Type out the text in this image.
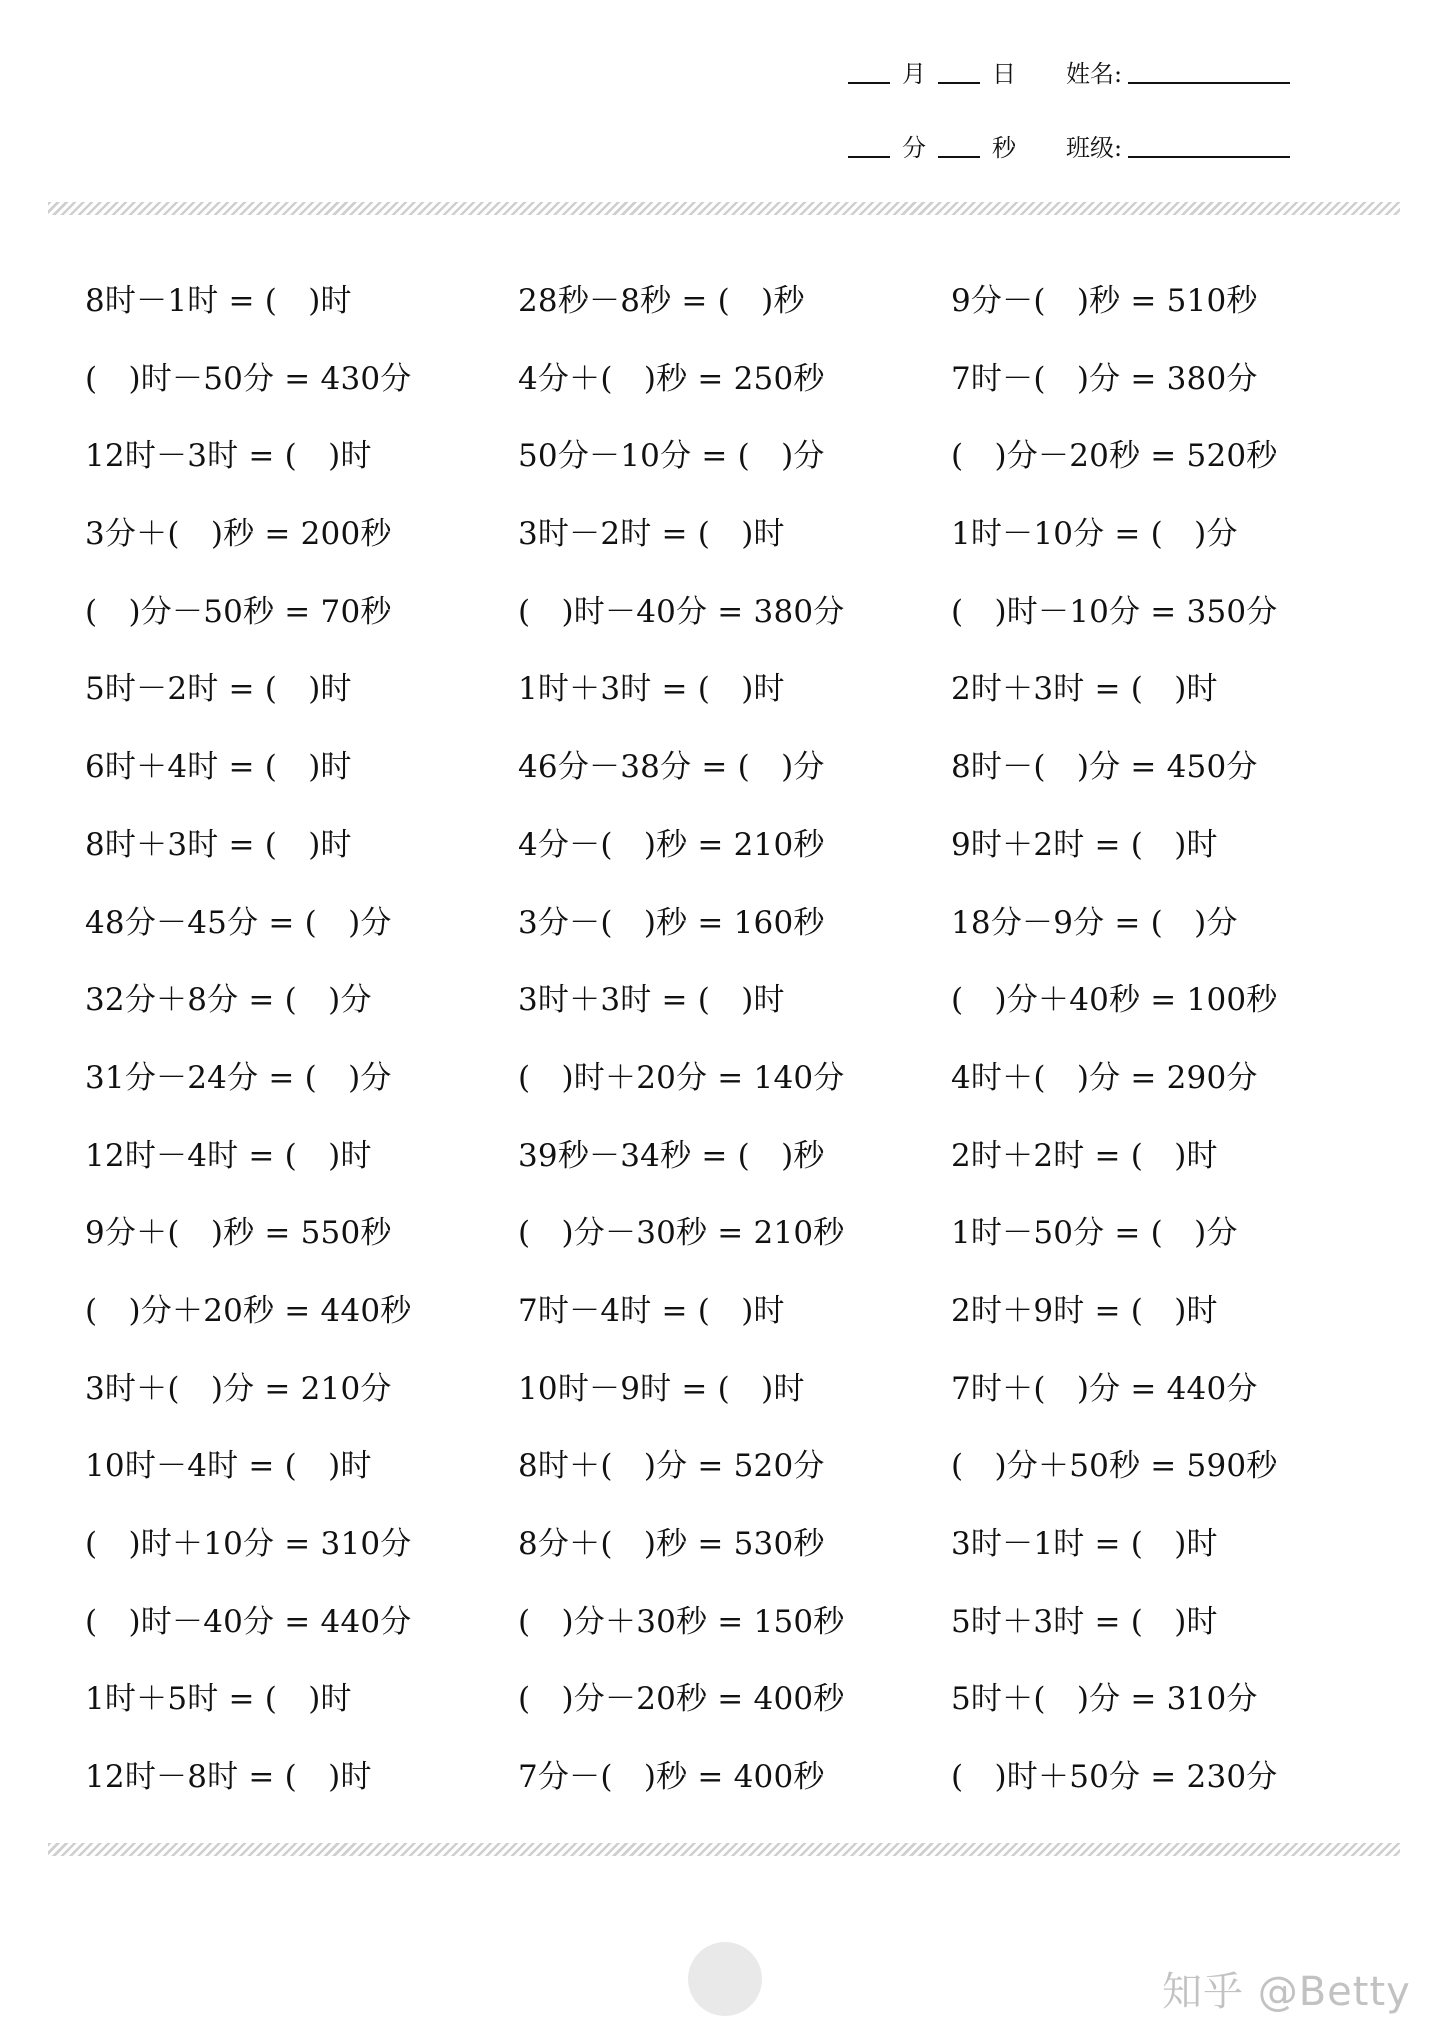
月	日 姓名:
分	秒 班级:
8时－1时 = (　)时	28秒－8秒 = (　)秒	9分－(　)秒 = 510秒
(　)时－50分 = 430分	4分＋(　)秒 = 250秒	7时－(　)分 = 380分
12时－3时 = (　)时	50分－10分 = (　)分	(　)分－20秒 = 520秒
3分＋(　)秒 = 200秒	3时－2时 = (　)时	1时－10分 = (　)分
(　)分－50秒 = 70秒	(　)时－40分 = 380分	(　)时－10分 = 350分
5时－2时 = (　)时	1时＋3时 = (　)时	2时＋3时 = (　)时
6时＋4时 = (　)时	46分－38分 = (　)分	8时－(　)分 = 450分
8时＋3时 = (　)时	4分－(　)秒 = 210秒	9时＋2时 = (　)时
48分－45分 = (　)分	3分－(　)秒 = 160秒	18分－9分 = (　)分
32分＋8分 = (　)分	3时＋3时 = (　)时	(　)分＋40秒 = 100秒
31分－24分 = (　)分	(　)时＋20分 = 140分	4时＋(　)分 = 290分
12时－4时 = (　)时	39秒－34秒 = (　)秒	2时＋2时 = (　)时
9分＋(　)秒 = 550秒	(　)分－30秒 = 210秒	1时－50分 = (　)分
(　)分＋20秒 = 440秒	7时－4时 = (　)时	2时＋9时 = (　)时
3时＋(　)分 = 210分	10时－9时 = (　)时	7时＋(　)分 = 440分
10时－4时 = (　)时	8时＋(　)分 = 520分	(　)分＋50秒 = 590秒
(　)时＋10分 = 310分	8分＋(　)秒 = 530秒	3时－1时 = (　)时
(　)时－40分 = 440分	(　)分＋30秒 = 150秒	5时＋3时 = (　)时
1时＋5时 = (　)时	(　)分－20秒 = 400秒	5时＋(　)分 = 310分
12时－8时 = (　)时	7分－(　)秒 = 400秒	(　)时＋50分 = 230分
知乎 @Betty
